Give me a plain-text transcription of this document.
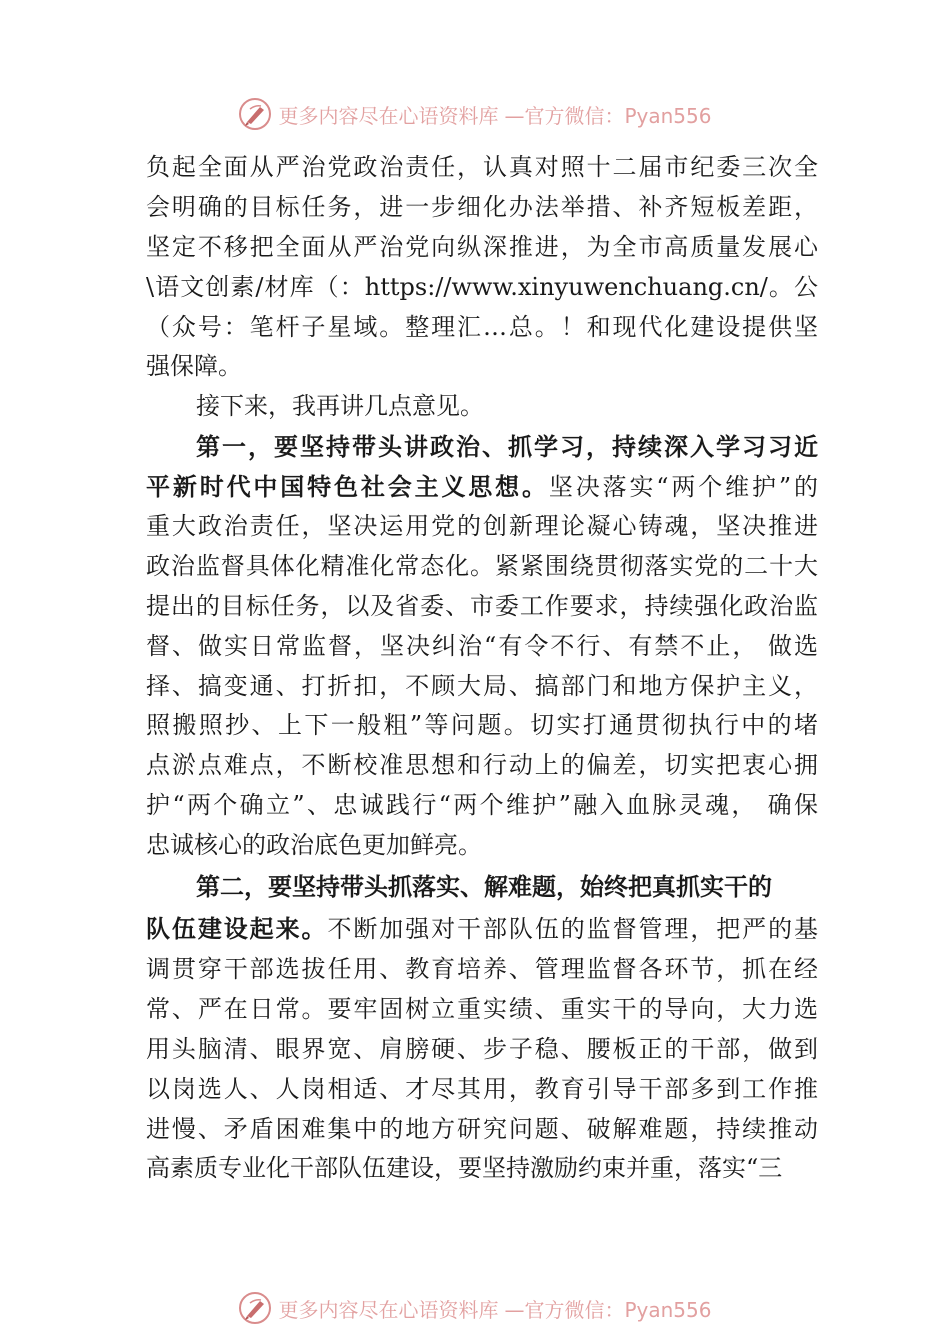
更多内容尽在心语资料库 —官方微信：Pyan556
负起全面从严治党政治责任，认真对照十二届市纪委三次全
会明确的目标任务，进一步细化办法举措、补齐短板差距，
坚定不移把全面从严治党向纵深推进，为全市高质量发展心
\语文创素/材库（：https://www.xinyuwenchuang.cn/。公
（众号：笔杆子星域。整理汇…总。！和现代化建设提供坚
强保障。
接下来，我再讲几点意见。
第一，要坚持带头讲政治、抓学习，持续深入学习习近
平新时代中国特色社会主义思想。坚决落实“两个维护”的
重大政治责任，坚决运用党的创新理论凝心铸魂，坚决推进
政治监督具体化精准化常态化。紧紧围绕贯彻落实党的二十大
提出的目标任务，以及省委、市委工作要求，持续强化政治监
督、做实日常监督，坚决纠治“有令不行、有禁不止， 做选
择、搞变通、打折扣，不顾大局、搞部门和地方保护主义，
照搬照抄、上下一般粗”等问题。切实打通贯彻执行中的堵
点淤点难点，不断校准思想和行动上的偏差，切实把衷心拥
护“两个确立”、忠诚践行“两个维护”融入血脉灵魂， 确保
忠诚核心的政治底色更加鲜亮。
第二，要坚持带头抓落实、解难题，始终把真抓实干的
队伍建设起来。不断加强对干部队伍的监督管理，把严的基
调贯穿干部选拔任用、教育培养、管理监督各环节，抓在经
常、严在日常。要牢固树立重实绩、重实干的导向，大力选
用头脑清、眼界宽、肩膀硬、步子稳、腰板正的干部，做到
以岗选人、人岗相适、才尽其用，教育引导干部多到工作推
进慢、矛盾困难集中的地方研究问题、破解难题，持续推动
高素质专业化干部队伍建设，要坚持激励约束并重，落实“三
更多内容尽在心语资料库 —官方微信：Pyan556
